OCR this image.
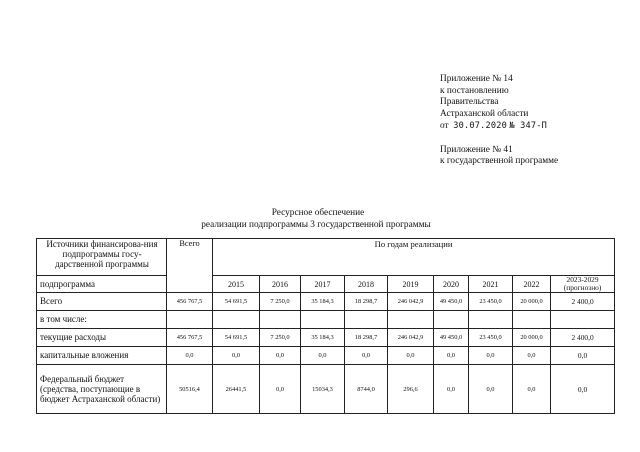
Приложение № 14
к постановлению
Правительства
Астраханской области
от 30.07.2020 № 347-П
Приложение № 41
к государственной программе
Ресурсное обеспечение
реализации подпрограммы 3 государственной программы
Источники финансирова-ния подпрограммы госу-дарственной программы	Всего	По годам реализации								
подпрограмма		2015	2016	2017	2018	2019	2020	2021	2022	2023-2029
(прогнозно)
Всего	456 767,5	54 691,5	7 250,0	35 184,3	18 298,7	246 042,9	49 450,0	23 450,0	20 000,0	2 400,0
в том числе:										
текущие расходы	456 767,5	54 691,5	7 250,0	35 184,3	18 298,7	246 042,9	49 450,0	23 450,0	20 000,0	2 400,0
капитальные вложения	0,0	0,0	0,0	0,0	0,0	0,0	0,0	0,0	0,0	0,0
Федеральный бюджет (средства, поступающие в бюджет Астраханской области)	50516,4	26441,5	0,0	15034,3	8744,0	296,6	0,0	0,0	0,0	0,0
